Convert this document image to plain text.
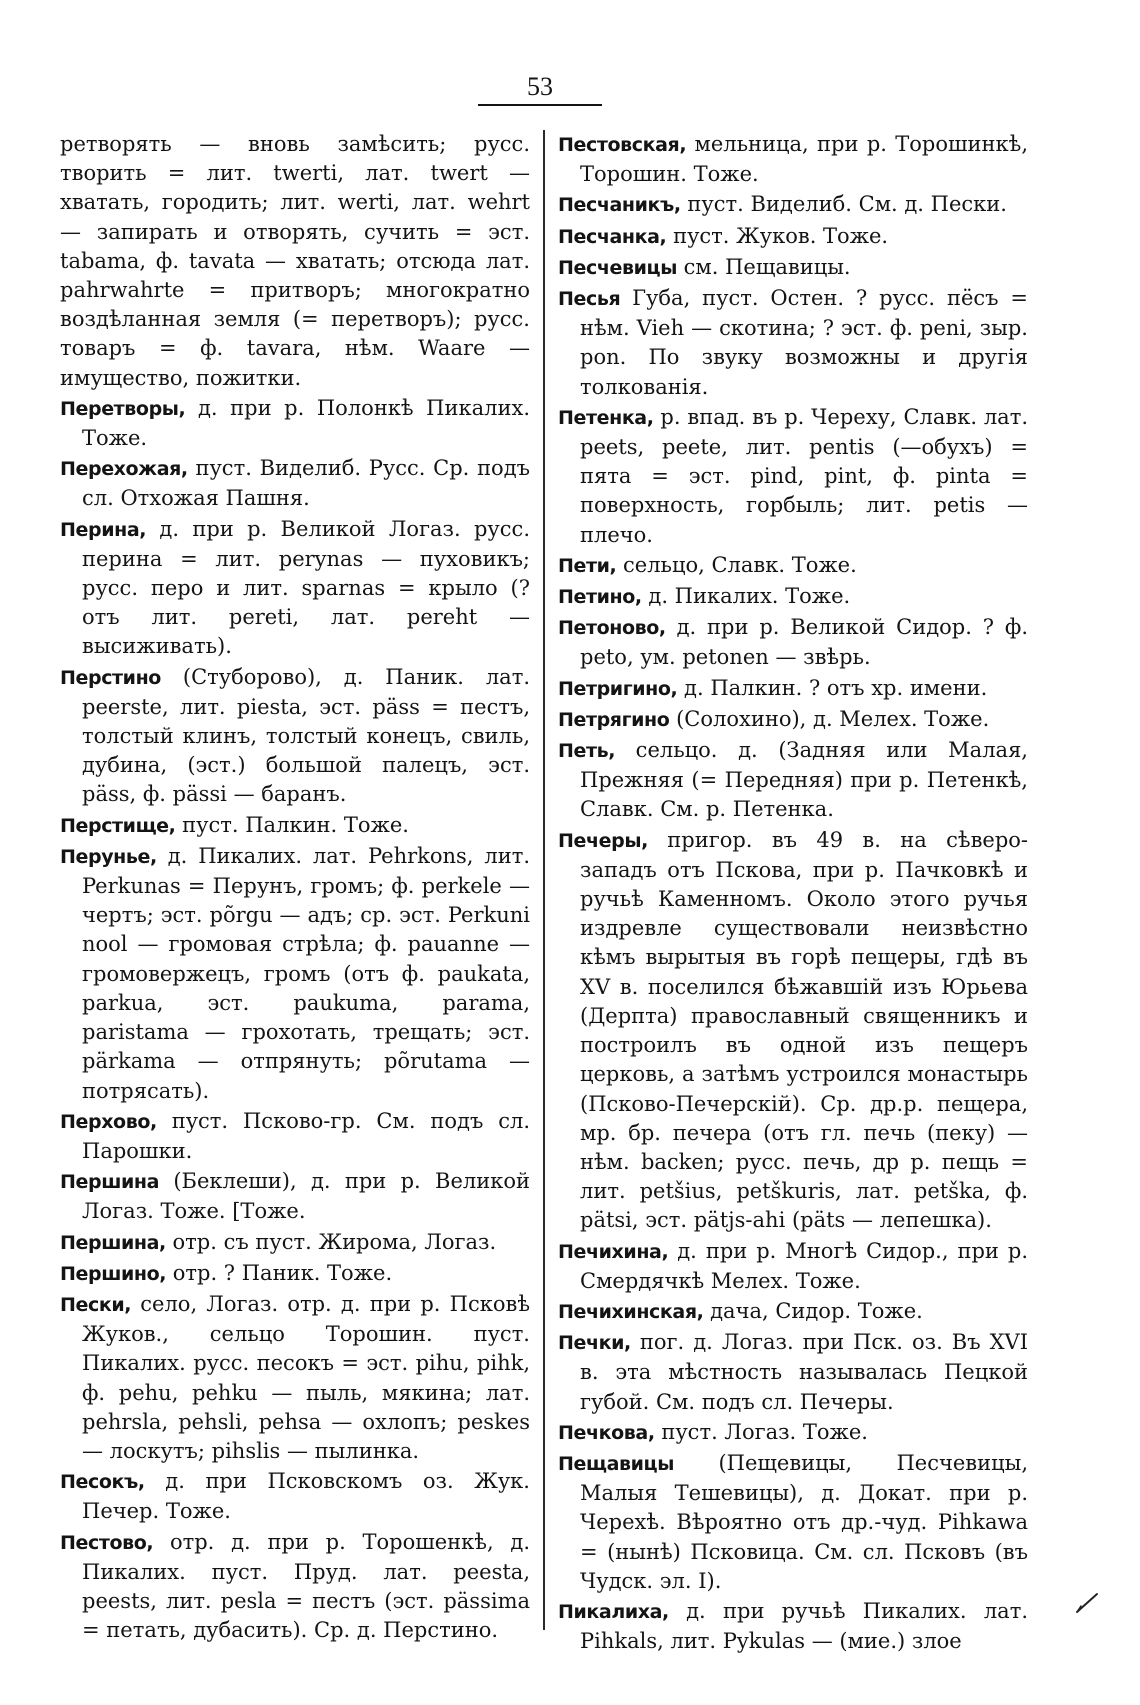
53

ретворять — вновь замѣсить; русс. творить = лит. twerti, лат. twert — хватать, городить; лит. werti, лат. wehrt — запирать и отворять, сучить = эст. tabama, ф. tavata — хватать; отсюда лат. pahrwahrte = притворъ; многократно воздѣланная земля (= перетворъ); русс. товаръ = ф. tavara, нѣм. Waare — имущество, пожитки.

Перетворы, д. при р. Полонкѣ Пикалих. Тоже.

Перехожая, пуст. Виделиб. Русс. Ср. подъ сл. Отхожая Пашня.

Перина, д. при р. Великой Логаз. русс. перина = лит. perynas — пуховикъ; русс. перо и лит. sparnas = крыло (? отъ лит. pereti, лат. pereht — высиживать).

Перстино (Стуборово), д. Паник. лат. peerste, лит. piesta, эст. päss = пестъ, толстый клинъ, толстый конецъ, свиль, дубина, (эст.) большой палецъ, эст. päss, ф. pässi — баранъ.

Перстище, пуст. Палкин. Тоже.

Перунье, д. Пикалих. лат. Pehrkons, лит. Perkunas = Перунъ, громъ; ф. perkele — чертъ; эст. põrgu — адъ; ср. эст. Perkuni nool — громовая стрѣла; ф. pauanne — громовержецъ, громъ (отъ ф. paukata, parkua, эст. paukuma, parama, paristama — грохотать, трещать; эст. pärkama — отпрянуть; põrutama — потрясать).

Перхово, пуст. Псково-гр. См. подъ сл. Парошки.

Першина (Беклеши), д. при р. Великой Логаз. Тоже. [Тоже.

Першина, отр. съ пуст. Жирома, Логаз.

Першино, отр. ? Паник. Тоже.

Пески, село, Логаз. отр. д. при р. Псковѣ Жуков., сельцо Торошин. пуст. Пикалих. русс. песокъ = эст. pihu, pihk, ф. pehu, pehku — пыль, мякина; лат. pehrsla, pehsli, pehsa — охлопъ; peskes — лоскутъ; pihslis — пылинка.

Песокъ, д. при Псковскомъ оз. Жук. Печер. Тоже.

Пестово, отр. д. при р. Торошенкѣ, д. Пикалих. пуст. Пруд. лат. peesta, peests, лит. pesla = пестъ (эст. pässima = петать, дубасить). Ср. д. Перстино.

Пестовская, мельница, при р. Торошинкѣ, Торошин. Тоже.

Песчаникъ, пуст. Виделиб. См. д. Пески.

Песчанка, пуст. Жуков. Тоже.

Песчевицы см. Пещавицы.

Песья Губа, пуст. Остен. ? русс. пёсъ = нѣм. Vieh — скотина; ? эст. ф. peni, зыр. pon. По звуку возможны и другія толкованія.

Петенка, р. впад. въ р. Череху, Славк. лат. peets, peete, лит. pentis (—обухъ) = пята = эст. pind, pint, ф. pinta = поверхность, горбыль; лит. petis — плечо.

Пети, сельцо, Славк. Тоже.

Петино, д. Пикалих. Тоже.

Петоново, д. при р. Великой Сидор. ? ф. peto, ум. petonen — звѣрь.

Петригино, д. Палкин. ? отъ хр. имени.

Петрягино (Солохино), д. Мелех. Тоже.

Петь, сельцо. д. (Задняя или Малая, Прежняя (= Передняя) при р. Петенкѣ, Славк. См. р. Петенка.

Печеры, пригор. въ 49 в. на сѣверо-западъ отъ Пскова, при р. Пачковкѣ и ручьѣ Каменномъ. Около этого ручья издревле существовали неизвѣстно кѣмъ вырытыя въ горѣ пещеры, гдѣ въ XV в. поселился бѣжавшій изъ Юрьева (Дерпта) православный священникъ и построилъ въ одной изъ пещеръ церковь, а затѣмъ устроился монастырь (Псково-Печерскій). Ср. др.р. пещера, мр. бр. печера (отъ гл. печь (пеку) — нѣм. backen; русс. печь, др р. пещь = лит. petšius, petškuris, лат. petška, ф. pätsi, эст. pätjs-ahi (päts — лепешка).

Печихина, д. при р. Многѣ Сидор., при р. Смердячкѣ Мелех. Тоже.

Печихинская, дача, Сидор. Тоже.

Печки, пог. д. Логаз. при Пск. оз. Въ XVI в. эта мѣстность называлась Пецкой губой. См. подъ сл. Печеры.

Печкова, пуст. Логаз. Тоже.

Пещавицы (Пещевицы, Песчевицы, Малыя Тешевицы), д. Докат. при р. Черехѣ. Вѣроятно отъ др.-чуд. Pihkawa = (нынѣ) Псковица. См. сл. Псковъ (въ Чудск. эл. I).

Пикалиха, д. при ручьѣ Пикалих. лат. Pihkals, лит. Pykulas — (мие.) злое
